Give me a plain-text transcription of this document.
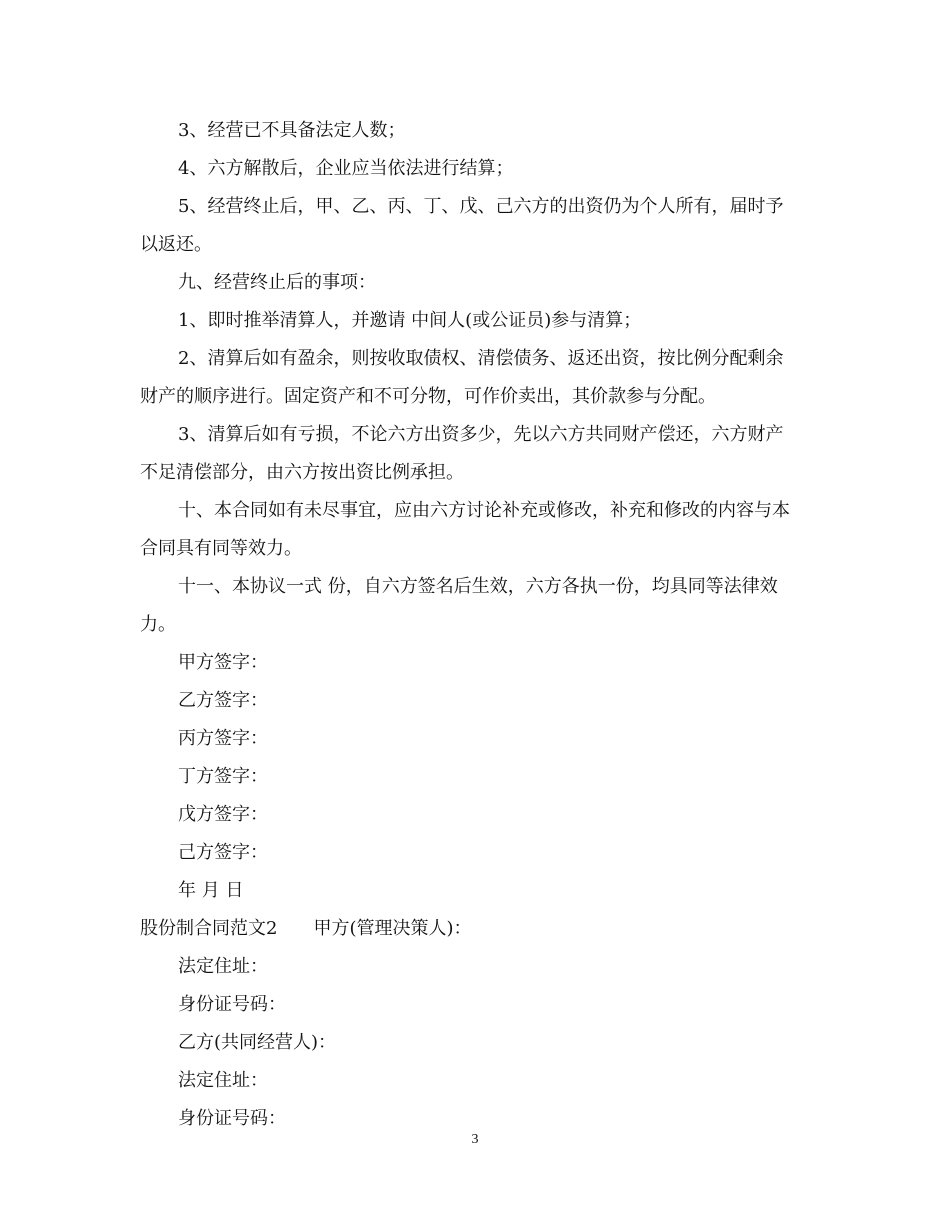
3、经营已不具备法定人数；

4、六方解散后，企业应当依法进行结算；

5、经营终止后，甲、乙、丙、丁、戊、己六方的出资仍为个人所有，届时予以返还。

九、经营终止后的事项：

1、即时推举清算人，并邀请 中间人(或公证员)参与清算；

2、清算后如有盈余，则按收取债权、清偿债务、返还出资，按比例分配剩余财产的顺序进行。固定资产和不可分物，可作价卖出，其价款参与分配。

3、清算后如有亏损，不论六方出资多少，先以六方共同财产偿还，六方财产不足清偿部分，由六方按出资比例承担。

十、本合同如有未尽事宜，应由六方讨论补充或修改，补充和修改的内容与本合同具有同等效力。

十一、本协议一式 份，自六方签名后生效，六方各执一份，均具同等法律效力。

甲方签字：

乙方签字：

丙方签字：

丁方签字：

戊方签字：

己方签字：

年 月 日

股份制合同范文2　　甲方(管理决策人)：

法定住址：

身份证号码：

乙方(共同经营人)：

法定住址：

身份证号码：

3
